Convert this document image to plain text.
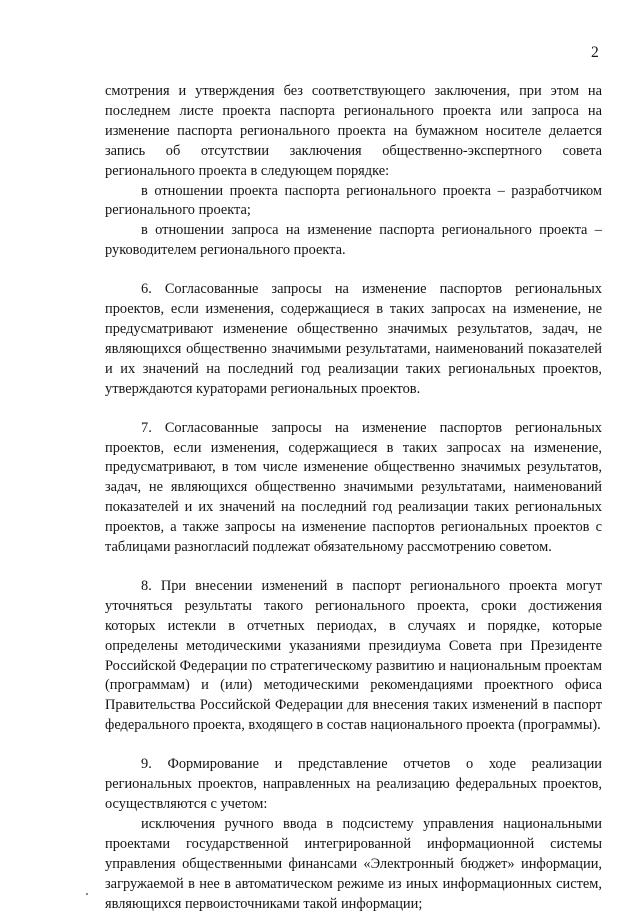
2

смотрения и утверждения без соответствующего заключения, при этом на последнем листе проекта паспорта регионального проекта или запроса на изменение паспорта регионального проекта на бумажном носителе делается запись об отсутствии заключения общественно-экспертного совета регионального проекта в следующем порядке:

в отношении проекта паспорта регионального проекта – разработчиком регионального проекта;

в отношении запроса на изменение паспорта регионального проекта – руководителем регионального проекта.

6. Согласованные запросы на изменение паспортов региональных проектов, если изменения, содержащиеся в таких запросах на изменение, не предусматривают изменение общественно значимых результатов, задач, не являющихся общественно значимыми результатами, наименований показателей и их значений на последний год реализации таких региональных проектов, утверждаются кураторами региональных проектов.

7. Согласованные запросы на изменение паспортов региональных проектов, если изменения, содержащиеся в таких запросах на изменение, предусматривают, в том числе изменение общественно значимых результатов, задач, не являющихся общественно значимыми результатами, наименований показателей и их значений на последний год реализации таких региональных проектов, а также запросы на изменение паспортов региональных проектов с таблицами разногласий подлежат обязательному рассмотрению советом.

8. При внесении изменений в паспорт регионального проекта могут уточняться результаты такого регионального проекта, сроки достижения которых истекли в отчетных периодах, в случаях и порядке, которые определены методическими указаниями президиума Совета при Президенте Российской Федерации по стратегическому развитию и национальным проектам (программам) и (или) методическими рекомендациями проектного офиса Правительства Российской Федерации для внесения таких изменений в паспорт федерального проекта, входящего в состав национального проекта (программы).

9. Формирование и представление отчетов о ходе реализации региональных проектов, направленных на реализацию федеральных проектов, осуществляются с учетом:

исключения ручного ввода в подсистему управления национальными проектами государственной интегрированной информационной системы управления общественными финансами «Электронный бюджет» информации, загружаемой в нее в автоматическом режиме из иных информационных систем, являющихся первоисточниками такой информации;
